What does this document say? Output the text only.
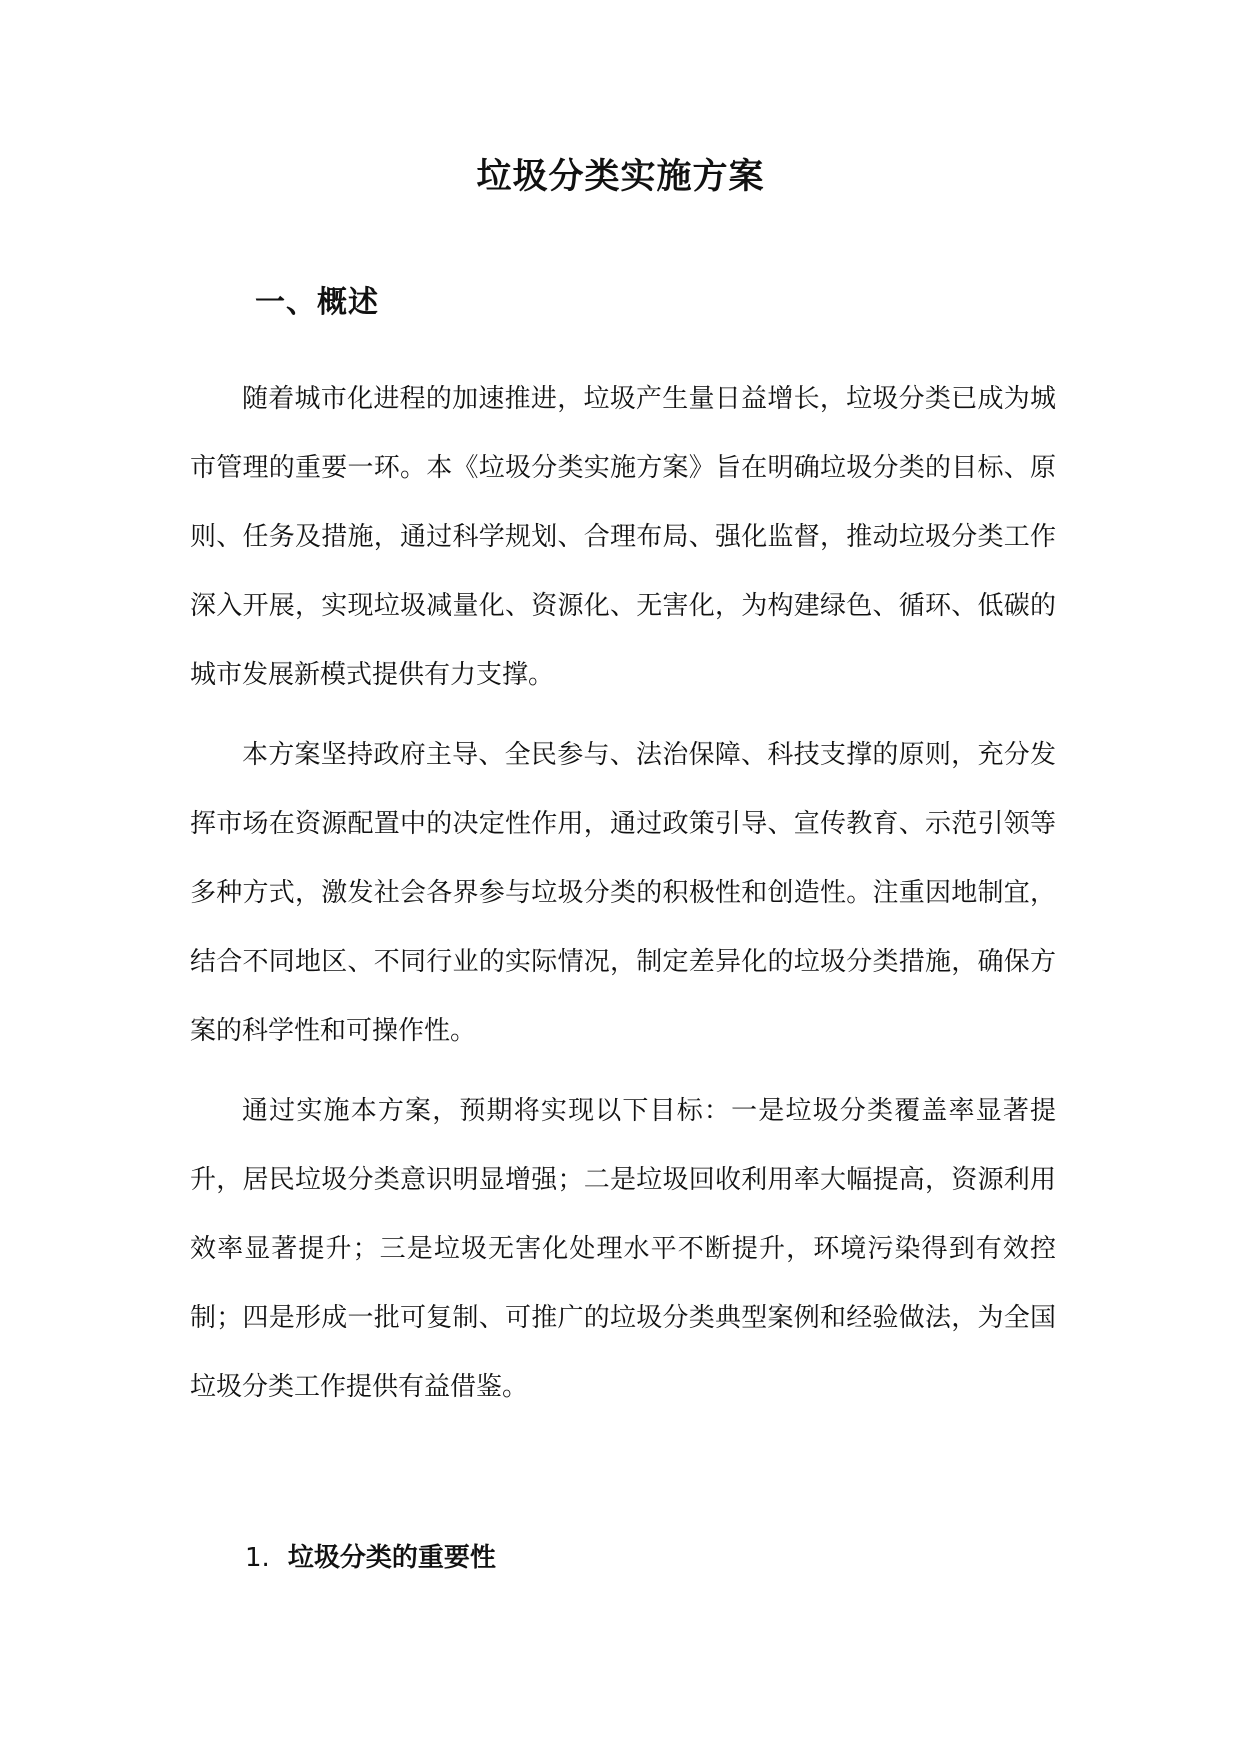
垃圾分类实施方案
一、概述

随着城市化进程的加速推进，垃圾产生量日益增长，垃圾分类已成为城市管理的重要一环。本《垃圾分类实施方案》旨在明确垃圾分类的目标、原则、任务及措施，通过科学规划、合理布局、强化监督，推动垃圾分类工作深入开展，实现垃圾减量化、资源化、无害化，为构建绿色、循环、低碳的城市发展新模式提供有力支撑。

本方案坚持政府主导、全民参与、法治保障、科技支撑的原则，充分发挥市场在资源配置中的决定性作用，通过政策引导、宣传教育、示范引领等多种方式，激发社会各界参与垃圾分类的积极性和创造性。注重因地制宜，结合不同地区、不同行业的实际情况，制定差异化的垃圾分类措施，确保方案的科学性和可操作性。

通过实施本方案，预期将实现以下目标：一是垃圾分类覆盖率显著提升，居民垃圾分类意识明显增强；二是垃圾回收利用率大幅提高，资源利用效率显著提升；三是垃圾无害化处理水平不断提升，环境污染得到有效控制；四是形成一批可复制、可推广的垃圾分类典型案例和经验做法，为全国垃圾分类工作提供有益借鉴。

1. 垃圾分类的重要性
